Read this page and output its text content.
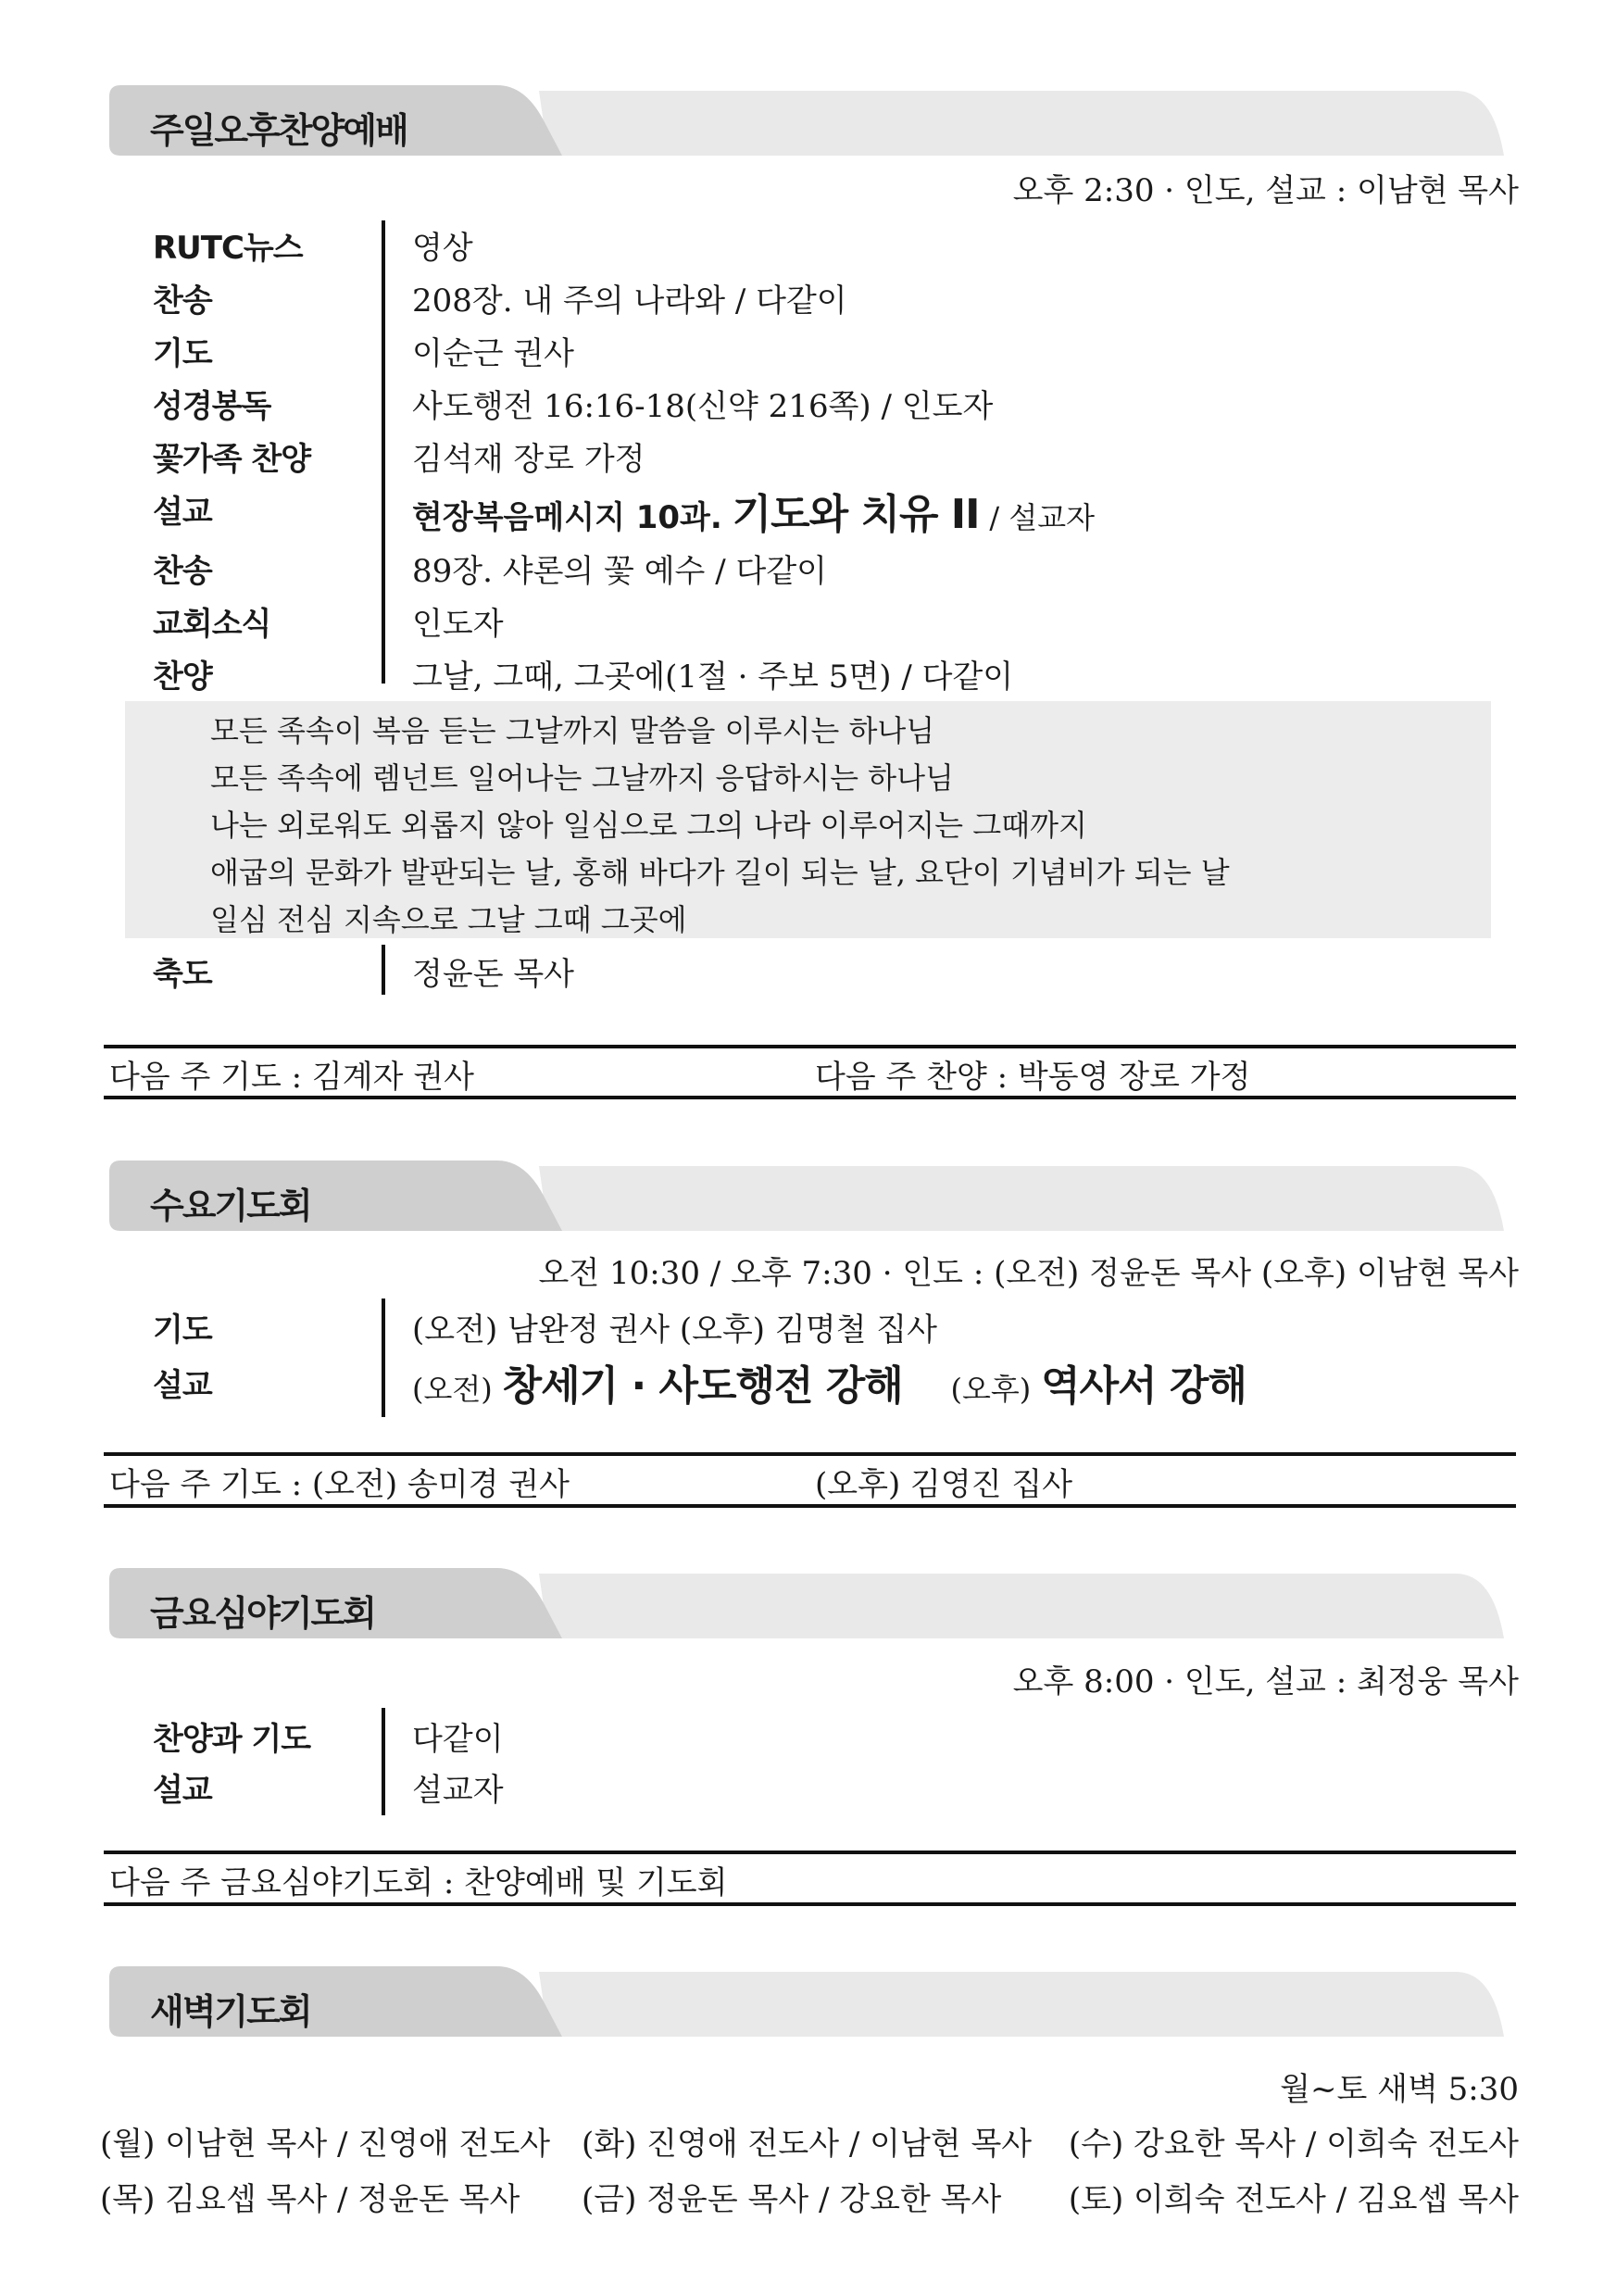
주일오후찬양예배
오후 2:30 · 인도, 설교 : 이남현 목사
RUTC뉴스	영상
찬송	208장. 내 주의 나라와 / 다같이
기도	이순근 권사
성경봉독	사도행전 16:16-18(신약 216쪽) / 인도자
꽃가족 찬양	김석재 장로 가정
설교	현장복음메시지 10과. 기도와 치유 II / 설교자
찬송	89장. 샤론의 꽃 예수 / 다같이
교회소식	인도자
찬양	그날, 그때, 그곳에(1절 · 주보 5면) / 다같이
모든 족속이 복음 듣는 그날까지 말씀을 이루시는 하나님
모든 족속에 렘넌트 일어나는 그날까지 응답하시는 하나님
나는 외로워도 외롭지 않아 일심으로 그의 나라 이루어지는 그때까지
애굽의 문화가 발판되는 날, 홍해 바다가 길이 되는 날, 요단이 기념비가 되는 날
일심 전심 지속으로 그날 그때 그곳에
축도	정윤돈 목사
다음 주 기도 : 김계자 권사	다음 주 찬양 : 박동영 장로 가정
수요기도회
오전 10:30 / 오후 7:30 · 인도 : (오전) 정윤돈 목사 (오후) 이남현 목사
기도	(오전) 남완정 권사 (오후) 김명철 집사
설교	(오전) 창세기 · 사도행전 강해 (오후) 역사서 강해
다음 주 기도 : (오전) 송미경 권사	(오후) 김영진 집사
금요심야기도회
오후 8:00 · 인도, 설교 : 최정웅 목사
찬양과 기도	다같이
설교	설교자
다음 주 금요심야기도회 : 찬양예배 및 기도회
새벽기도회
월~토 새벽 5:30
(월) 이남현 목사 / 진영애 전도사 (화) 진영애 전도사 / 이남현 목사 (수) 강요한 목사 / 이희숙 전도사
(목) 김요셉 목사 / 정윤돈 목사 (금) 정윤돈 목사 / 강요한 목사 (토) 이희숙 전도사 / 김요셉 목사
